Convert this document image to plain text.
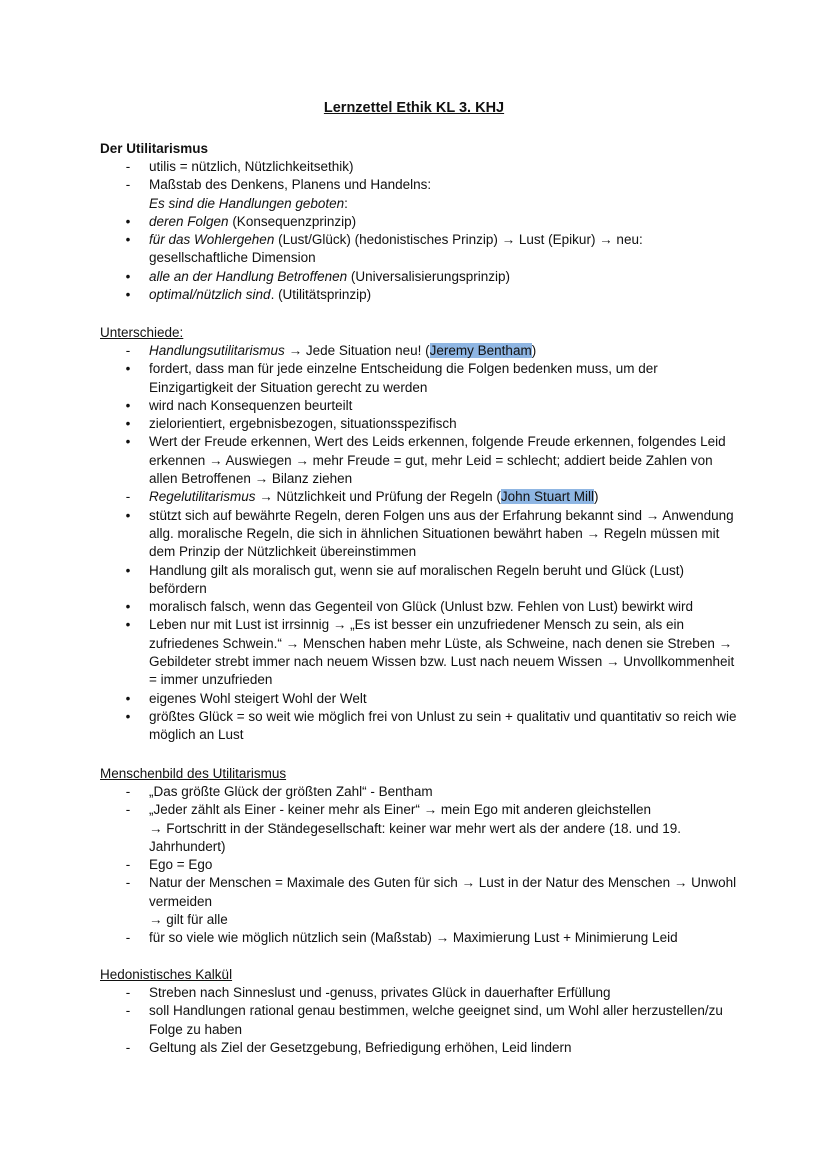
Lernzettel Ethik KL 3. KHJ
Der Utilitarismus
- utilis = nützlich, Nützlichkeitsethik)
- Maßstab des Denkens, Planens und Handelns:
Es sind die Handlungen geboten:
• deren Folgen (Konsequenzprinzip)
• für das Wohlergehen (Lust/Glück) (hedonistisches Prinzip) → Lust (Epikur) → neu: gesellschaftliche Dimension
• alle an der Handlung Betroffenen (Universalisierungsprinzip)
• optimal/nützlich sind. (Utilitätsprinzip)
Unterschiede:
- Handlungsutilitarismus → Jede Situation neu! (Jeremy Bentham)
• fordert, dass man für jede einzelne Entscheidung die Folgen bedenken muss, um der Einzigartigkeit der Situation gerecht zu werden
• wird nach Konsequenzen beurteilt
• zielorientiert, ergebnisbezogen, situationsspezifisch
• Wert der Freude erkennen, Wert des Leids erkennen, folgende Freude erkennen, folgendes Leid erkennen → Auswiegen → mehr Freude = gut, mehr Leid = schlecht; addiert beide Zahlen von allen Betroffenen → Bilanz ziehen
- Regelutilitarismus → Nützlichkeit und Prüfung der Regeln (John Stuart Mill)
• stützt sich auf bewährte Regeln, deren Folgen uns aus der Erfahrung bekannt sind → Anwendung allg. moralische Regeln, die sich in ähnlichen Situationen bewährt haben → Regeln müssen mit dem Prinzip der Nützlichkeit übereinstimmen
• Handlung gilt als moralisch gut, wenn sie auf moralischen Regeln beruht und Glück (Lust) befördern
• moralisch falsch, wenn das Gegenteil von Glück (Unlust bzw. Fehlen von Lust) bewirkt wird
• Leben nur mit Lust ist irrsinnig → „Es ist besser ein unzufriedener Mensch zu sein, als ein zufriedenes Schwein.“ → Menschen haben mehr Lüste, als Schweine, nach denen sie Streben → Gebildeter strebt immer nach neuem Wissen bzw. Lust nach neuem Wissen → Unvollkommenheit = immer unzufrieden
• eigenes Wohl steigert Wohl der Welt
• größtes Glück = so weit wie möglich frei von Unlust zu sein + qualitativ und quantitativ so reich wie möglich an Lust
Menschenbild des Utilitarismus
- „Das größte Glück der größten Zahl“ - Bentham
- „Jeder zählt als Einer - keiner mehr als Einer“ → mein Ego mit anderen gleichstellen
→ Fortschritt in der Ständegesellschaft: keiner war mehr wert als der andere (18. und 19. Jahrhundert)
- Ego = Ego
- Natur der Menschen = Maximale des Guten für sich → Lust in der Natur des Menschen → Unwohl vermeiden
→ gilt für alle
- für so viele wie möglich nützlich sein (Maßstab) → Maximierung Lust + Minimierung Leid
Hedonistisches Kalkül
- Streben nach Sinneslust und -genuss, privates Glück in dauerhafter Erfüllung
- soll Handlungen rational genau bestimmen, welche geeignet sind, um Wohl aller herzustellen/zu Folge zu haben
- Geltung als Ziel der Gesetzgebung, Befriedigung erhöhen, Leid lindern
